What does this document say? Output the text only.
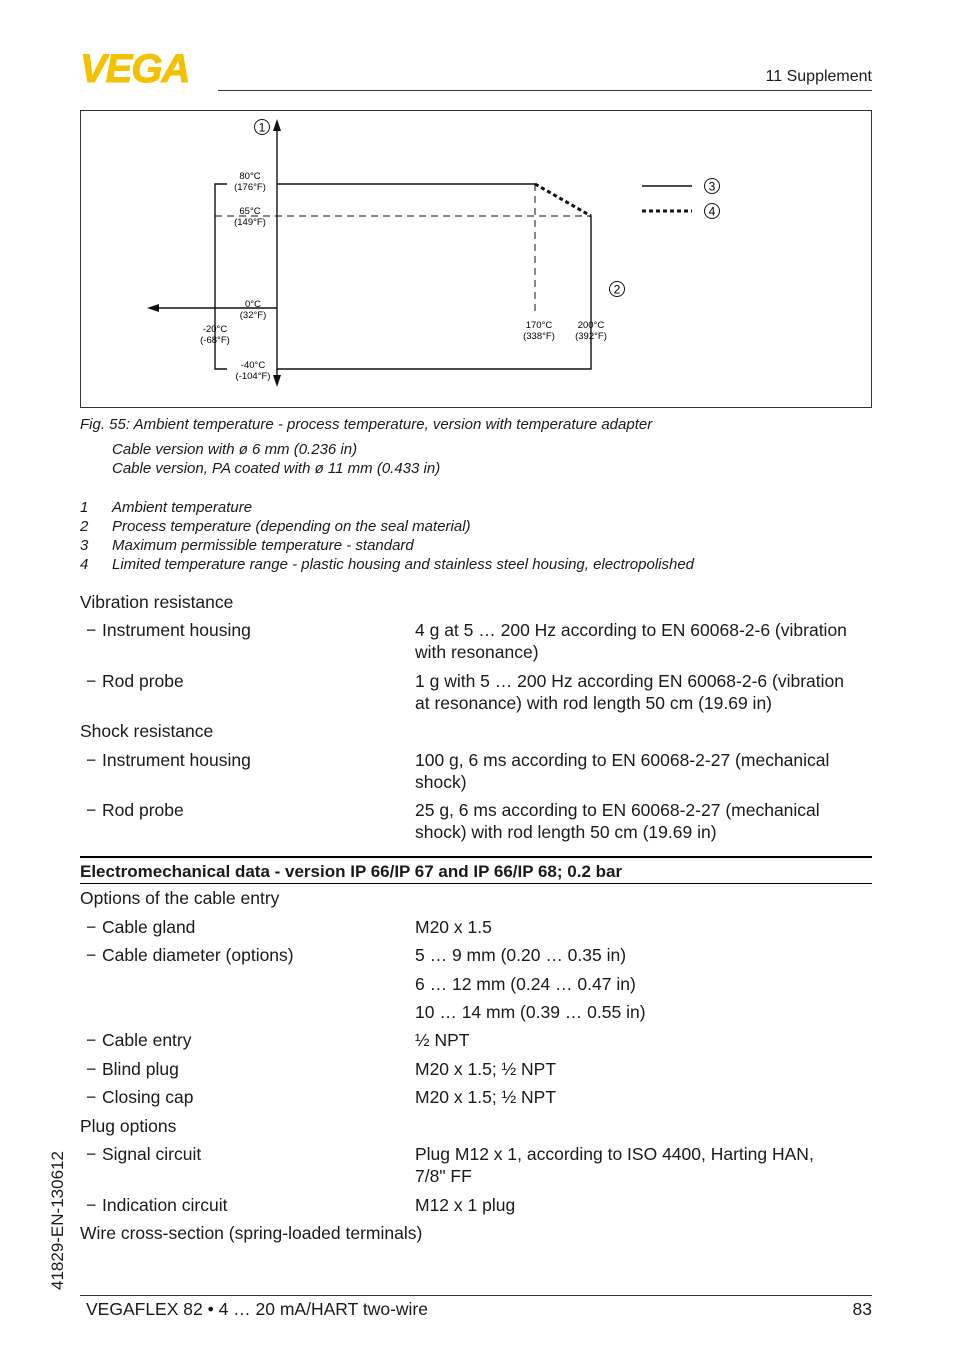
VEGA	11 Supplement
80°C
(176°F)
65°C
(149°F)
0°C
(32°F)
-40°C
(-104°F)
-20°C
(-68°F)
170°C
(338°F)
200°C
(392°F)
1
2
3
4
Fig. 55: Ambient temperature - process temperature, version with temperature adapter
Cable version with ø 6 mm (0.236 in)
Cable version, PA coated with ø 11 mm (0.433 in)
1 Ambient temperature
2 Process temperature (depending on the seal material)
3 Maximum permissible temperature - standard
4 Limited temperature range - plastic housing and stainless steel housing, electropolished
Vibration resistance
− Instrument housing	4 g at 5 … 200 Hz according to EN 60068-2-6 (vibration
with resonance)
− Rod probe	1 g with 5 … 200 Hz according EN 60068-2-6 (vibration
at resonance) with rod length 50 cm (19.69 in)
Shock resistance
− Instrument housing	100 g, 6 ms according to EN 60068-2-27 (mechanical
shock)
− Rod probe	25 g, 6 ms according to EN 60068-2-27 (mechanical
shock) with rod length 50 cm (19.69 in)
Electromechanical data - version IP 66/IP 67 and IP 66/IP 68; 0.2 bar
Options of the cable entry
− Cable gland	M20 x 1.5
− Cable diameter (options)	5 … 9 mm (0.20 … 0.35 in)
6 … 12 mm (0.24 … 0.47 in)
10 … 14 mm (0.39 … 0.55 in)
− Cable entry	½ NPT
− Blind plug	M20 x 1.5; ½ NPT
− Closing cap	M20 x 1.5; ½ NPT
Plug options
− Signal circuit	Plug M12 x 1, according to ISO 4400, Harting HAN,
7/8" FF
− Indication circuit	M12 x 1 plug
Wire cross-section (spring-loaded terminals)
41829-EN-130612
VEGAFLEX 82 • 4 … 20 mA/HART two-wire	83
